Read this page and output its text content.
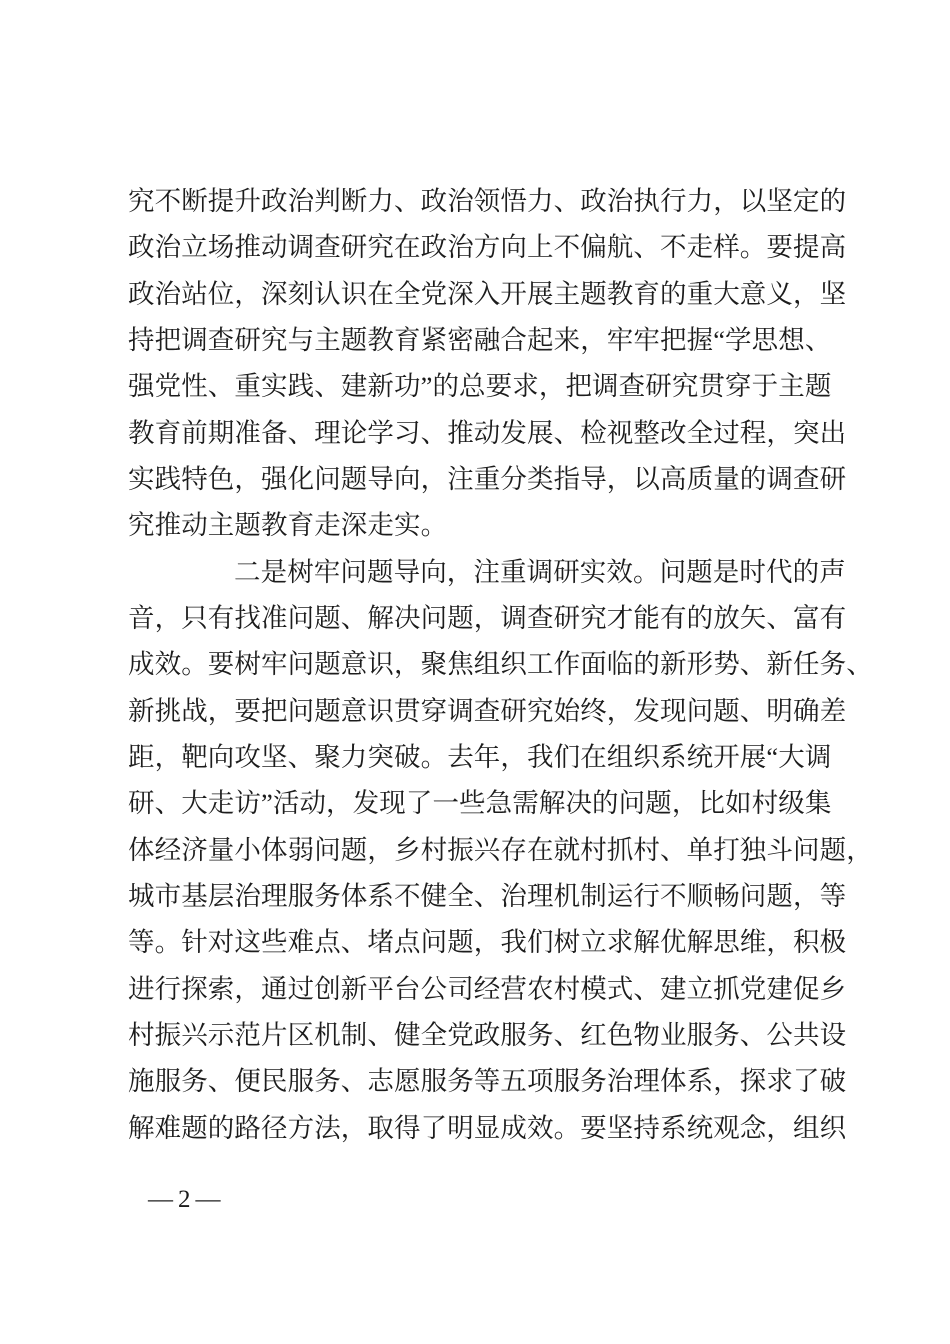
究不断提升政治判断力、政治领悟力、政治执行力，以坚定的
政治立场推动调查研究在政治方向上不偏航、不走样。要提高
政治站位，深刻认识在全党深入开展主题教育的重大意义，坚
持把调查研究与主题教育紧密融合起来，牢牢把握“学思想、
强党性、重实践、建新功”的总要求，把调查研究贯穿于主题
教育前期准备、理论学习、推动发展、检视整改全过程，突出
实践特色，强化问题导向，注重分类指导，以高质量的调查研
究推动主题教育走深走实。
二是树牢问题导向，注重调研实效。问题是时代的声
音，只有找准问题、解决问题，调查研究才能有的放矢、富有
成效。要树牢问题意识，聚焦组织工作面临的新形势、新任务、
新挑战，要把问题意识贯穿调查研究始终，发现问题、明确差
距，靶向攻坚、聚力突破。去年，我们在组织系统开展“大调
研、大走访”活动，发现了一些急需解决的问题，比如村级集
体经济量小体弱问题，乡村振兴存在就村抓村、单打独斗问题，
城市基层治理服务体系不健全、治理机制运行不顺畅问题，等
等。针对这些难点、堵点问题，我们树立求解优解思维，积极
进行探索，通过创新平台公司经营农村模式、建立抓党建促乡
村振兴示范片区机制、健全党政服务、红色物业服务、公共设
施服务、便民服务、志愿服务等五项服务治理体系，探求了破
解难题的路径方法，取得了明显成效。要坚持系统观念，组织
—2—
